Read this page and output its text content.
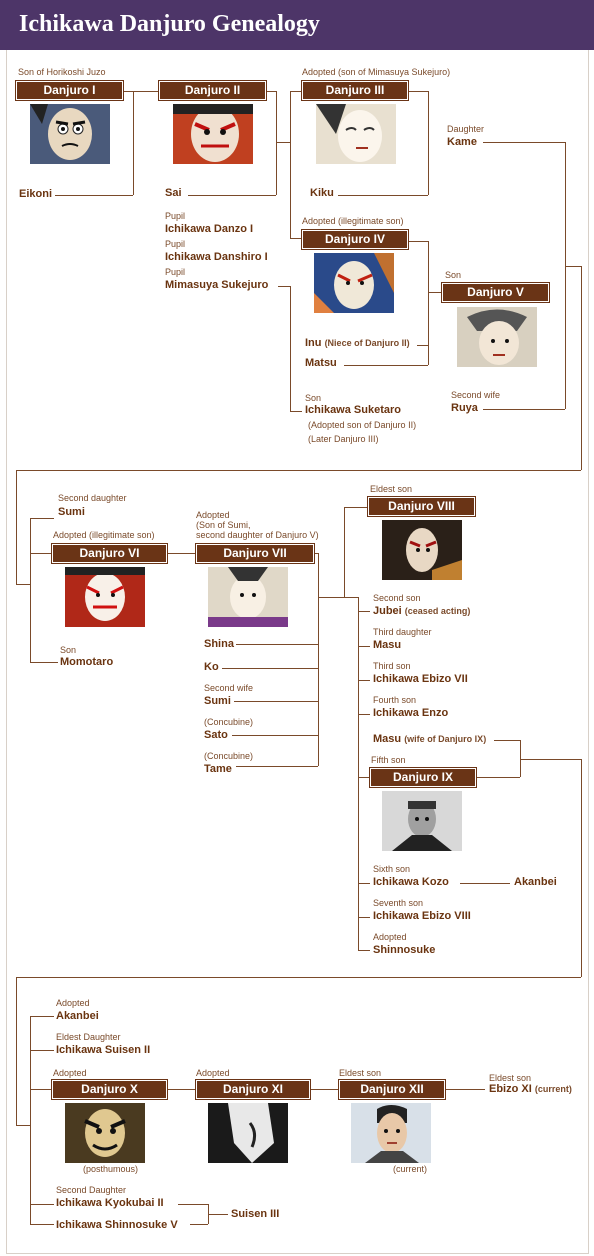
Ichikawa Danjuro Genealogy
Danjuro I	Danjuro II	Danjuro III
Danjuro IV
Danjuro V
Danjuro VI	Danjuro VII
Danjuro VIII
Danjuro IX
Danjuro X	Danjuro XI	Danjuro XII
Son of Horikoshi Juzo	Adopted (son of Mimasuya Sukejuro)
Eikoni	Sai	Kiku
Daughter
Kame
Pupil
Ichikawa Danzo I
Pupil
Ichikawa Danshiro I
Pupil
Mimasuya Sukejuro
Adopted (illegitimate son)
Son
Inu (Niece of Danjuro II)
Matsu
Son
Ichikawa Suketaro
(Adopted son of Danjuro II)
(Later Danjuro III)
Second wife
Ruya
Second daughter
Sumi
Adopted (illegitimate son)
Adopted
(Son of Sumi,
second daughter of Danjuro V)
Son
Momotaro
Shina
Ko
Second wife
Sumi
(Concubine)
Sato
(Concubine)
Tame
Eldest son
Second son
Jubei (ceased acting)
Third daughter
Masu
Third son
Ichikawa Ebizo VII
Fourth son
Ichikawa Enzo
Masu (wife of Danjuro IX)
Fifth son
Sixth son
Ichikawa Kozo	Akanbei
Seventh son
Ichikawa Ebizo VIII
Adopted
Shinnosuke
Adopted
Akanbei
Eldest Daughter
Ichikawa Suisen II
Adopted	Adopted	Eldest son	Eldest son
Ebizo XI (current)
(posthumous)	(current)
Second Daughter
Ichikawa Kyokubai II
Ichikawa Shinnosuke V
Suisen III
